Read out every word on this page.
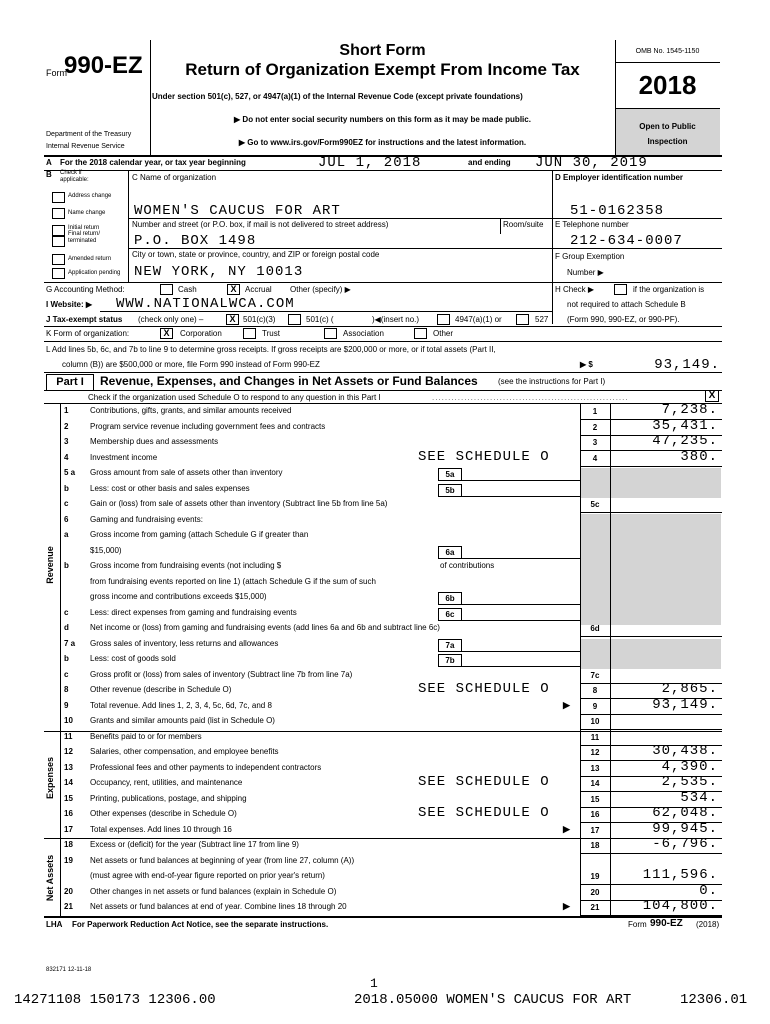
Form
990-EZ
Department of the Treasury
Internal Revenue Service
Short Form
Return of Organization Exempt From Income Tax
Under section 501(c), 527, or 4947(a)(1) of the Internal Revenue Code (except private foundations)
▶ Do not enter social security numbers on this form as it may be made public.
▶ Go to www.irs.gov/Form990EZ for instructions and the latest information.
OMB No. 1545-1150
2018
Open to Public
Inspection
A For the 2018 calendar year, or tax year beginning	JUL 1, 2018	and ending JUN 30, 2019
B Check if
applicable:
Address change
Name change
Initial return
Final return/
terminated
Amended return
Application pending
C Name of organization
WOMEN'S CAUCUS FOR ART
Number and street (or P.O. box, if mail is not delivered to street address)	Room/suite
P.O. BOX 1498
City or town, state or province, country, and ZIP or foreign postal code
NEW YORK, NY 10013
D Employer identification number
51-0162358
E Telephone number
212-634-0007
F Group Exemption
Number ▶
G Accounting Method:	Cash	X	Accrual Other (specify) ▶	H Check ▶	if the organization is
not required to attach Schedule B
(Form 990, 990-EZ, or 990-PF).
I Website: ▶ WWW.NATIONALWCA.COM
J Tax-exempt status (check only one) –	X 501(c)(3)	501(c) (	)◀(insert no.)	4947(a)(1) or	527
K Form of organization:	X	Corporation	Trust	Association	Other
L Add lines 5b, 6c, and 7b to line 9 to determine gross receipts. If gross receipts are $200,000 or more, or if total assets (Part II,
column (B)) are $500,000 or more, file Form 990 instead of Form 990-EZ	▶ $	93,149.
Part I	Revenue, Expenses, and Changes in Net Assets or Fund Balances	(see the instructions for Part I)
Check if the organization used Schedule O to respond to any question in this Part I	.............................................................	X
Revenue
Expenses
Net Assets
1	Contributions, gifts, grants, and similar amounts received	1	7,238.
2	Program service revenue including government fees and contracts	2	35,431.
3	Membership dues and assessments	3	47,235.
4	Investment income	SEE SCHEDULE O	4	380.
5 a Gross amount from sale of assets other than inventory	5a
b	Less: cost or other basis and sales expenses	5b
c	Gain or (loss) from sale of assets other than inventory (Subtract line 5b from line 5a)	5c
6	Gaming and fundraising events:
a	Gross income from gaming (attach Schedule G if greater than
$15,000)	6a
b	Gross income from fundraising events (not including $	of contributions
from fundraising events reported on line 1) (attach Schedule G if the sum of such
gross income and contributions exceeds $15,000)	6b
c	Less: direct expenses from gaming and fundraising events	6c
d	Net income or (loss) from gaming and fundraising events (add lines 6a and 6b and subtract line 6c)	6d
7 a Gross sales of inventory, less returns and allowances	7a
b	Less: cost of goods sold	7b
c	Gross profit or (loss) from sales of inventory (Subtract line 7b from line 7a)	7c
8	Other revenue (describe in Schedule O)	SEE SCHEDULE O	8	2,865.
9	Total revenue. Add lines 1, 2, 3, 4, 5c, 6d, 7c, and 8	9	93,149.
▶
10 Grants and similar amounts paid (list in Schedule O)	10
11 Benefits paid to or for members	11
12 Salaries, other compensation, and employee benefits	12	30,438.
13 Professional fees and other payments to independent contractors	13	4,390.
14 Occupancy, rent, utilities, and maintenance	SEE SCHEDULE O	14	2,535.
15 Printing, publications, postage, and shipping	15	534.
16 Other expenses (describe in Schedule O)	SEE SCHEDULE O	16	62,048.
17 Total expenses. Add lines 10 through 16	17	99,945.
▶
18 Excess or (deficit) for the year (Subtract line 17 from line 9)	18	-6,796.
19 Net assets or fund balances at beginning of year (from line 27, column (A))
(must agree with end-of-year figure reported on prior year's return)	19	111,596.
20 Other changes in net assets or fund balances (explain in Schedule O)	20	0.
21 Net assets or fund balances at end of year. Combine lines 18 through 20	21	104,800.
▶
LHA For Paperwork Reduction Act Notice, see the separate instructions.	Form 990-EZ (2018)
832171 12-11-18
1
14271108 150173 12306.00	2018.05000 WOMEN'S CAUCUS FOR ART	12306.01
